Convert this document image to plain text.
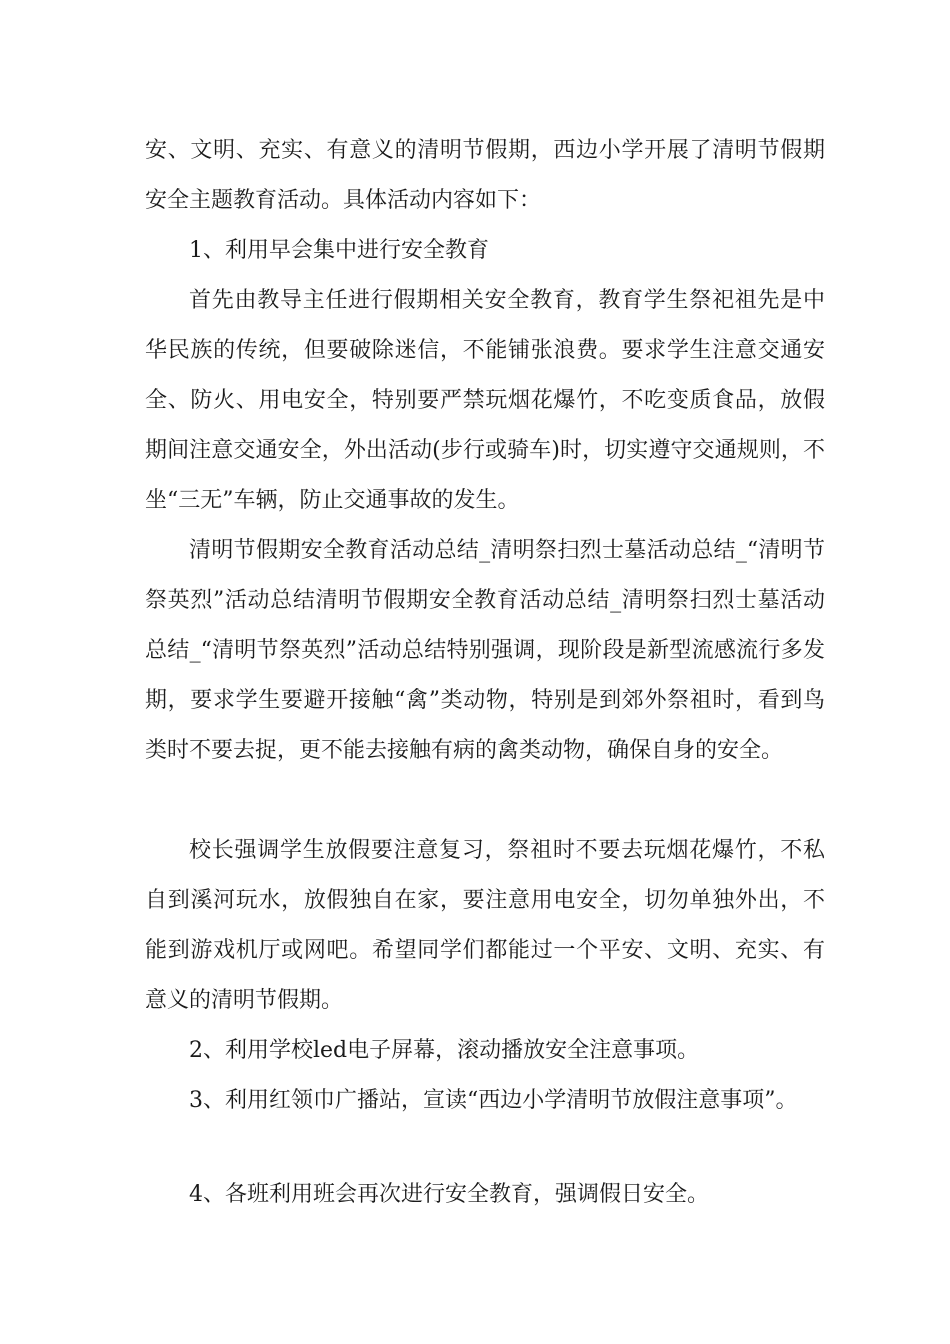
安、文明、充实、有意义的清明节假期，西边小学开展了清明节假期安全主题教育活动。具体活动内容如下：

1、利用早会集中进行安全教育

首先由教导主任进行假期相关安全教育，教育学生祭祀祖先是中华民族的传统，但要破除迷信，不能铺张浪费。要求学生注意交通安全、防火、用电安全，特别要严禁玩烟花爆竹，不吃变质食品，放假期间注意交通安全，外出活动(步行或骑车)时，切实遵守交通规则，不坐“三无”车辆，防止交通事故的发生。

清明节假期安全教育活动总结_清明祭扫烈士墓活动总结_“清明节祭英烈”活动总结清明节假期安全教育活动总结_清明祭扫烈士墓活动总结_“清明节祭英烈”活动总结特别强调，现阶段是新型流感流行多发期，要求学生要避开接触“禽”类动物，特别是到郊外祭祖时，看到鸟类时不要去捉，更不能去接触有病的禽类动物，确保自身的安全。

校长强调学生放假要注意复习，祭祖时不要去玩烟花爆竹，不私自到溪河玩水，放假独自在家，要注意用电安全，切勿单独外出，不能到游戏机厅或网吧。希望同学们都能过一个平安、文明、充实、有意义的清明节假期。

2、利用学校led电子屏幕，滚动播放安全注意事项。

3、利用红领巾广播站，宣读“西边小学清明节放假注意事项”。

4、各班利用班会再次进行安全教育，强调假日安全。
